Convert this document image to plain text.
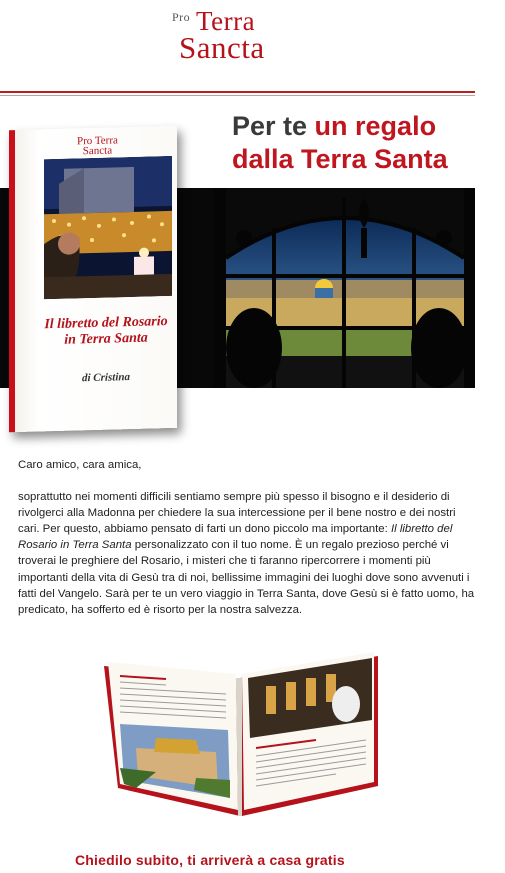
Pro Terra
Sancta
Per te un regalo
dalla Terra Santa
Pro Terra
Sancta
Il libretto del Rosario
in Terra Santa
di Cristina

Caro amico, cara amica,

soprattutto nei momenti difficili sentiamo sempre più spesso il bisogno e il desiderio di rivolgerci alla Madonna per chiedere la sua intercessione per il bene nostro e dei nostri cari. Per questo, abbiamo pensato di farti un dono piccolo ma importante: Il libretto del Rosario in Terra Santa personalizzato con il tuo nome. È un regalo prezioso perché vi troverai le preghiere del Rosario, i misteri che ti faranno ripercorrere i momenti più importanti della vita di Gesù tra di noi, bellissime immagini dei luoghi dove sono avvenuti i fatti del Vangelo. Sarà per te un vero viaggio in Terra Santa, dove Gesù si è fatto uomo, ha predicato, ha sofferto ed è risorto per la nostra salvezza.

Chiedilo subito, ti arriverà a casa gratis
